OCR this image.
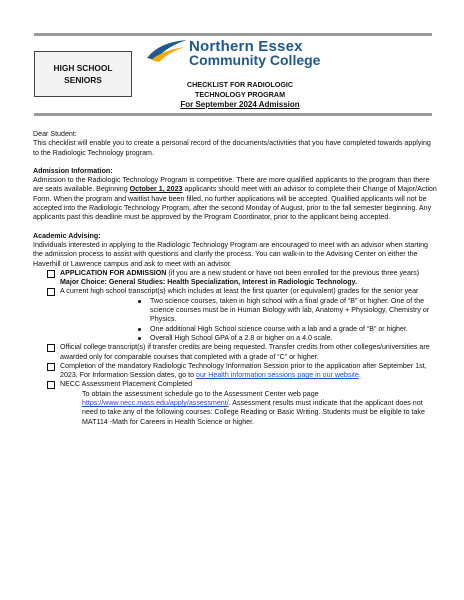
HIGH SCHOOL SENIORS
Northern Essex
Community College
CHECKLIST FOR RADIOLOGIC
TECHNOLOGY PROGRAM
For September 2024 Admission

Dear Student:

This checklist will enable you to create a personal record of the documents/activities that you have completed towards applying to the Radiologic Technology program.

Admission Information:

Admission to the Radiologic Technology Program is competitive. There are more qualified applicants to the program than there are seats available. Beginning October 1, 2023 applicants should meet with an advisor to complete their Change of Major/Action Form. When the program and waitlist have been filled, no further applications will be accepted. Qualified applicants will not be accepted into the Radiologic Technology Program, after the second Monday of August, prior to the fall semester beginning. Any applicants past this deadline must be approved by the Program Coordinator, prior to the applicant being accepted.

Academic Advising:

Individuals interested in applying to the Radiologic Technology Program are encouraged to meet with an advisor when starting the admission process to assist with questions and clarify the process. You can walk-in to the Advising Center on either the Haverhill or Lawrence campus and ask to meet with an advisor.

APPLICATION FOR ADMISSION (if you are a new student or have not been enrolled for the previous three years) Major Choice: General Studies: Health Specialization, Interest in Radiologic Technology.
A current high school transcript(s) which includes at least the first quarter (or equivalent) grades for the senior year
Two science courses, taken in high school with a final grade of “B” or higher. One of the science courses must be in Human Biology with lab, Anatomy + Physiology, Chemistry or Physics.
One additional High School science course with a lab and a grade of “B” or higher.
Overall High School GPA of a 2.8 or higher on a 4.0 scale.
Official college transcript(s) if transfer credits are being requested. Transfer credits from other colleges/universities are awarded only for comparable courses that completed with a grade of “C” or higher.
Completion of the mandatory Radiologic Technology Information Session prior to the application after September 1st, 2023. For Information Session dates, go to our Health information sessions page in our website.
NECC Assessment Placement Completed

To obtain the assessment schedule go to the Assessment Center web page https://www.necc.mass.edu/apply/assessment/. Assessment results must indicate that the applicant does not need to take any of the following courses: College Reading or Basic Writing. Students must be eligible to take MAT114 -Math for Careers in Health Science or higher.
